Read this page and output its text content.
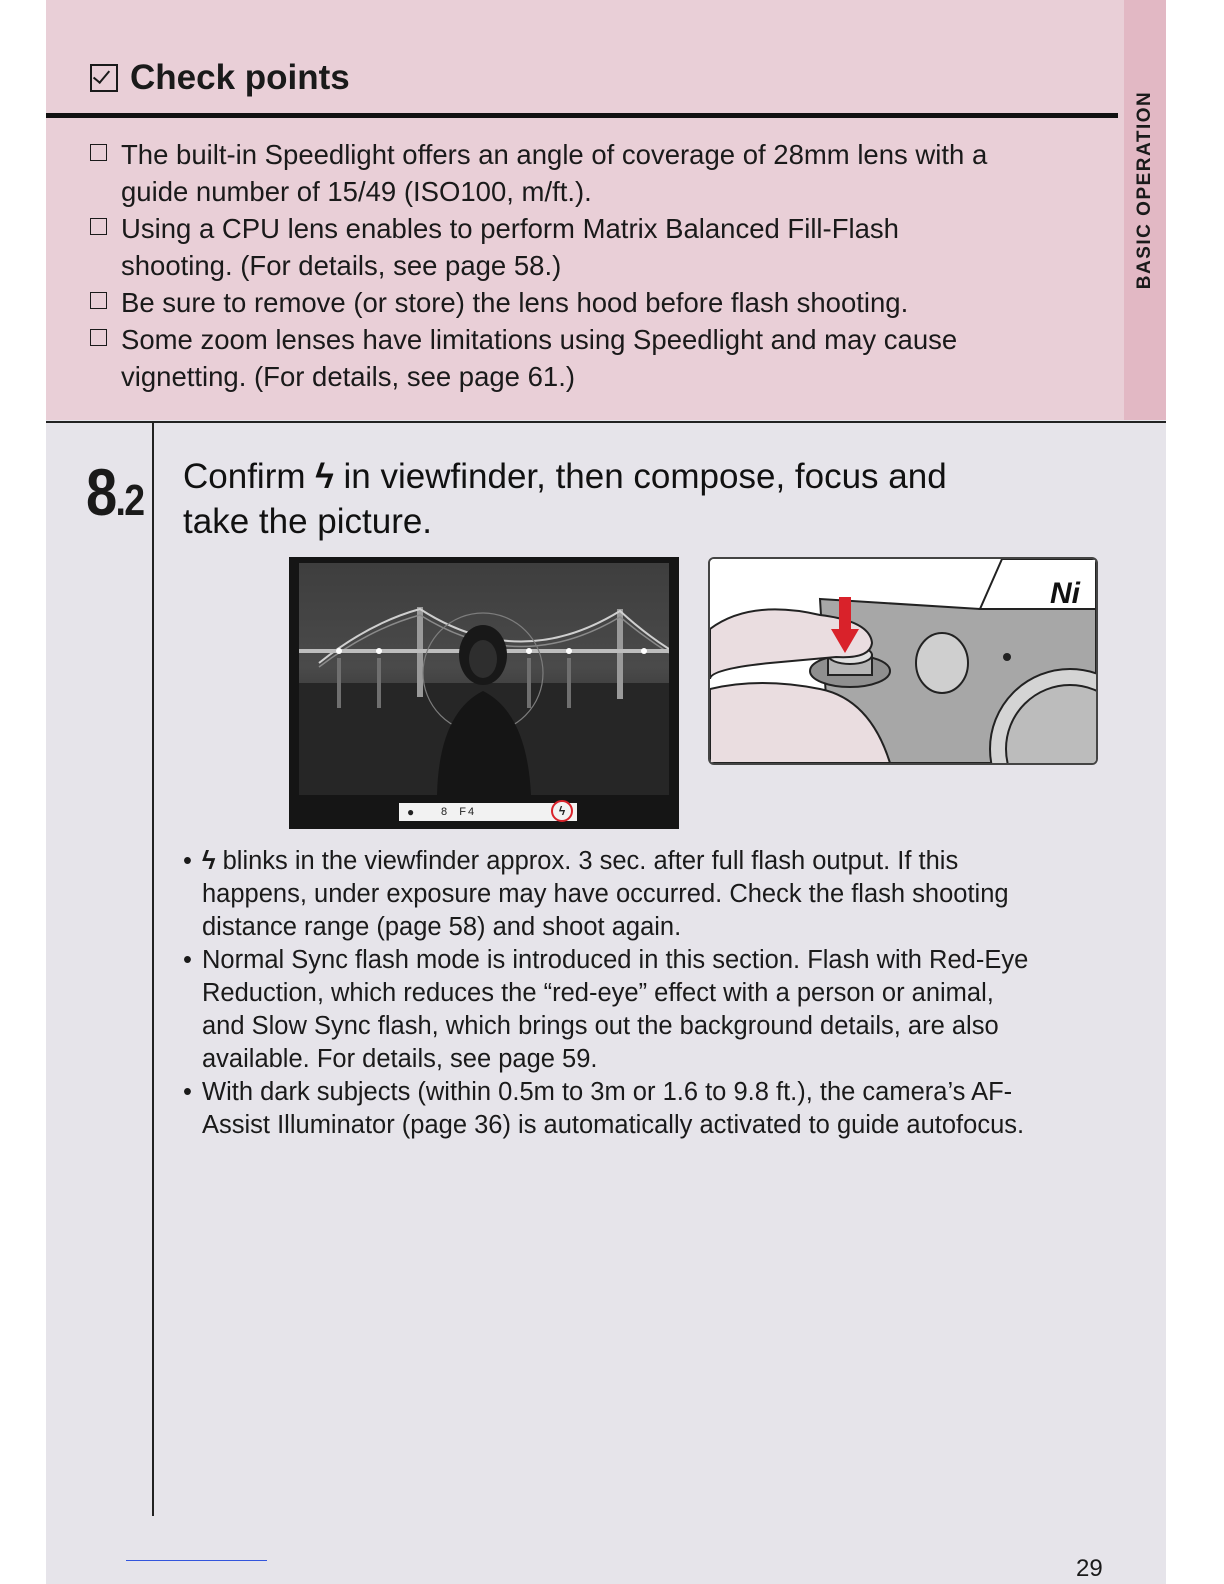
BASIC OPERATION
Check points
The built-in Speedlight offers an angle of coverage of 28mm lens with a
guide number of 15/49 (ISO100, m/ft.).
Using a CPU lens enables to perform Matrix Balanced Fill-Flash
shooting. (For details, see page 58.)
Be sure to remove (or store) the lens hood before flash shooting.
Some zoom lenses have limitations using Speedlight and may cause
vignetting. (For details, see page 61.)
8.2 Confirm ϟ in viewfinder, then compose, focus and
take the picture.
● 8  F4	ϟ
Ni
• ϟ blinks in the viewfinder approx. 3 sec. after full flash output. If this
happens, under exposure may have occurred. Check the flash shooting
distance range (page 58) and shoot again.
• Normal Sync flash mode is introduced in this section. Flash with Red-Eye
Reduction, which reduces the “red-eye” effect with a person or animal,
and Slow Sync flash, which brings out the background details, are also
available. For details, see page 59.
• With dark subjects (within 0.5m to 3m or 1.6 to 9.8 ft.), the camera’s AF-
Assist Illuminator (page 36) is automatically activated to guide autofocus.
29
